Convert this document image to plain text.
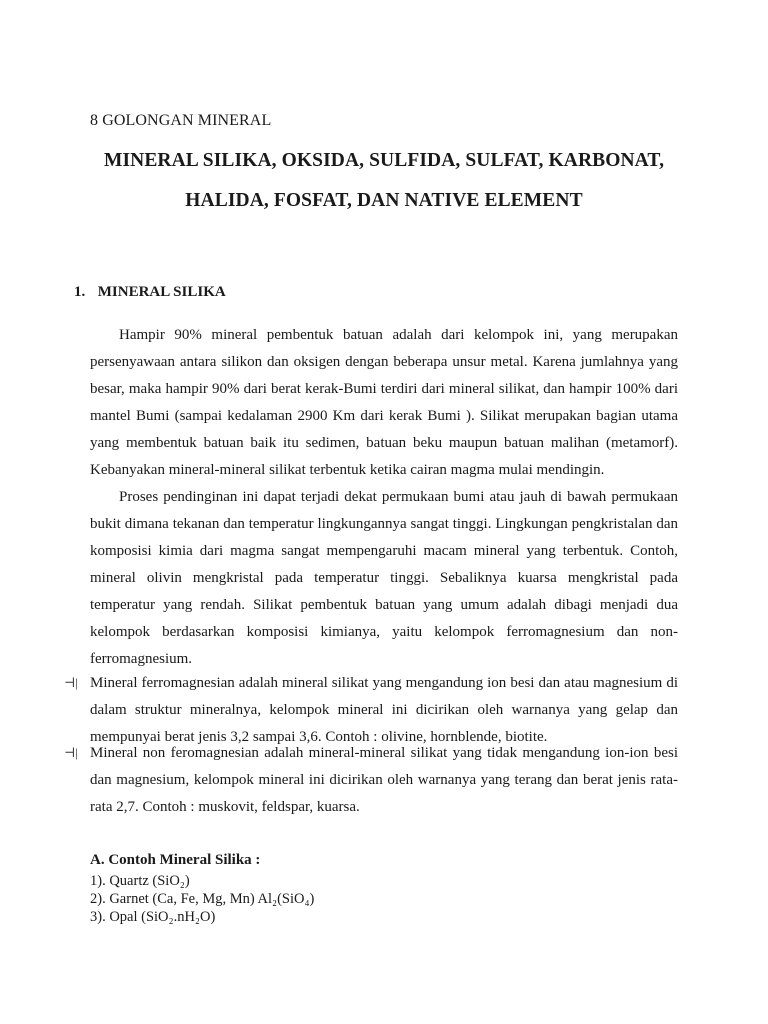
8 GOLONGAN MINERAL
MINERAL SILIKA, OKSIDA, SULFIDA, SULFAT, KARBONAT,
HALIDA, FOSFAT, DAN NATIVE ELEMENT
1. MINERAL SILIKA

Hampir 90% mineral pembentuk batuan adalah dari kelompok ini, yang merupakan persenyawaan antara silikon dan oksigen dengan beberapa unsur metal. Karena jumlahnya yang besar, maka hampir 90% dari berat kerak-Bumi terdiri dari mineral silikat, dan hampir 100% dari mantel Bumi (sampai kedalaman 2900 Km dari kerak Bumi ). Silikat merupakan bagian utama yang membentuk batuan baik itu sedimen, batuan beku maupun batuan malihan (metamorf). Kebanyakan mineral-mineral silikat terbentuk ketika cairan magma mulai mendingin.

Proses pendinginan ini dapat terjadi dekat permukaan bumi atau jauh di bawah permukaan bukit dimana tekanan dan temperatur lingkungannya sangat tinggi. Lingkungan pengkristalan dan komposisi kimia dari magma sangat mempengaruhi macam mineral yang terbentuk. Contoh, mineral olivin mengkristal pada temperatur tinggi. Sebaliknya kuarsa mengkristal pada temperatur yang rendah. Silikat pembentuk batuan yang umum adalah dibagi menjadi dua kelompok berdasarkan komposisi kimianya, yaitu kelompok ferromagnesium dan non-ferromagnesium.

⊣| Mineral ferromagnesian adalah mineral silikat yang mengandung ion besi dan atau magnesium di dalam struktur mineralnya, kelompok mineral ini dicirikan oleh warnanya yang gelap dan mempunyai berat jenis 3,2 sampai 3,6. Contoh : olivine, hornblende, biotite.

⊣| Mineral non feromagnesian adalah mineral-mineral silikat yang tidak mengandung ion-ion besi dan magnesium, kelompok mineral ini dicirikan oleh warnanya yang terang dan berat jenis rata-rata 2,7. Contoh : muskovit, feldspar, kuarsa.

A. Contoh Mineral Silika :
1). Quartz (SiO₂)
2). Garnet (Ca, Fe, Mg, Mn) Al₂(SiO₄)
3). Opal (SiO₂.nH₂O)
